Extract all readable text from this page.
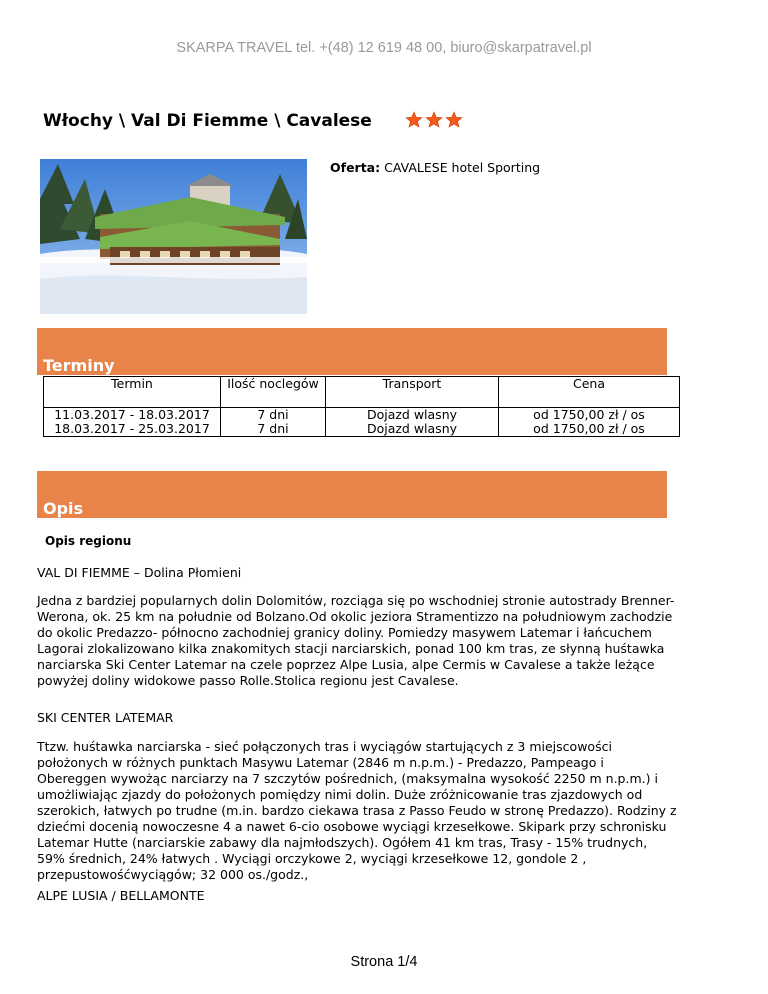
SKARPA TRAVEL tel. +(48) 12 619 48 00, biuro@skarpatravel.pl
Włochy \ Val Di Fiemme \ Cavalese
Oferta: CAVALESE hotel Sporting
Terminy
Termin	Ilość noclegów	Transport	Cena
11.03.2017 - 18.03.2017	7 dni	Dojazd wlasny	od 1750,00 zł / os
18.03.2017 - 25.03.2017	7 dni	Dojazd wlasny	od 1750,00 zł / os
Opis
Opis regionu

VAL DI FIEMME – Dolina Płomieni

Jedna z bardziej popularnych dolin Dolomitów, rozciąga się po wschodniej stronie autostrady Brenner-Werona, ok. 25 km na południe od Bolzano.Od okolic jeziora Stramentizzo na południowym zachodzie do okolic Predazzo- północno zachodniej granicy doliny. Pomiedzy masywem Latemar i łańcuchem Lagorai zlokalizowano kilka znakomitych stacji narciarskich, ponad 100 km tras, ze słynną huśtawka narciarska Ski Center Latemar na czele poprzez Alpe Lusia, alpe Cermis w Cavalese a także leżące powyżej doliny widokowe passo Rolle.Stolica regionu jest Cavalese.

SKI CENTER LATEMAR

Ttzw. huśtawka narciarska - sieć połączonych tras i wyciągów startujących z 3 miejscowości położonych w różnych punktach Masywu Latemar (2846 m n.p.m.) - Predazzo, Pampeago i Obereggen wywożąc narciarzy na 7 szczytów pośrednich, (maksymalna wysokość 2250 m n.p.m.) i umożliwiając zjazdy do położonych pomiędzy nimi dolin. Duże zróżnicowanie tras zjazdowych od szerokich, łatwych po trudne (m.in. bardzo ciekawa trasa z Passo Feudo w stronę Predazzo). Rodziny z dziećmi docenią nowoczesne 4 a nawet 6-cio osobowe wyciągi krzesełkowe. Skipark przy schronisku Latemar Hutte (narciarskie zabawy dla najmłodszych). Ogółem 41 km tras, Trasy - 15% trudnych, 59% średnich, 24% łatwych . Wyciągi orczykowe 2, wyciągi krzesełkowe 12, gondole 2 , przepustowośćwyciągów; 32 000 os./godz.,

ALPE LUSIA / BELLAMONTE

Strona 1/4
